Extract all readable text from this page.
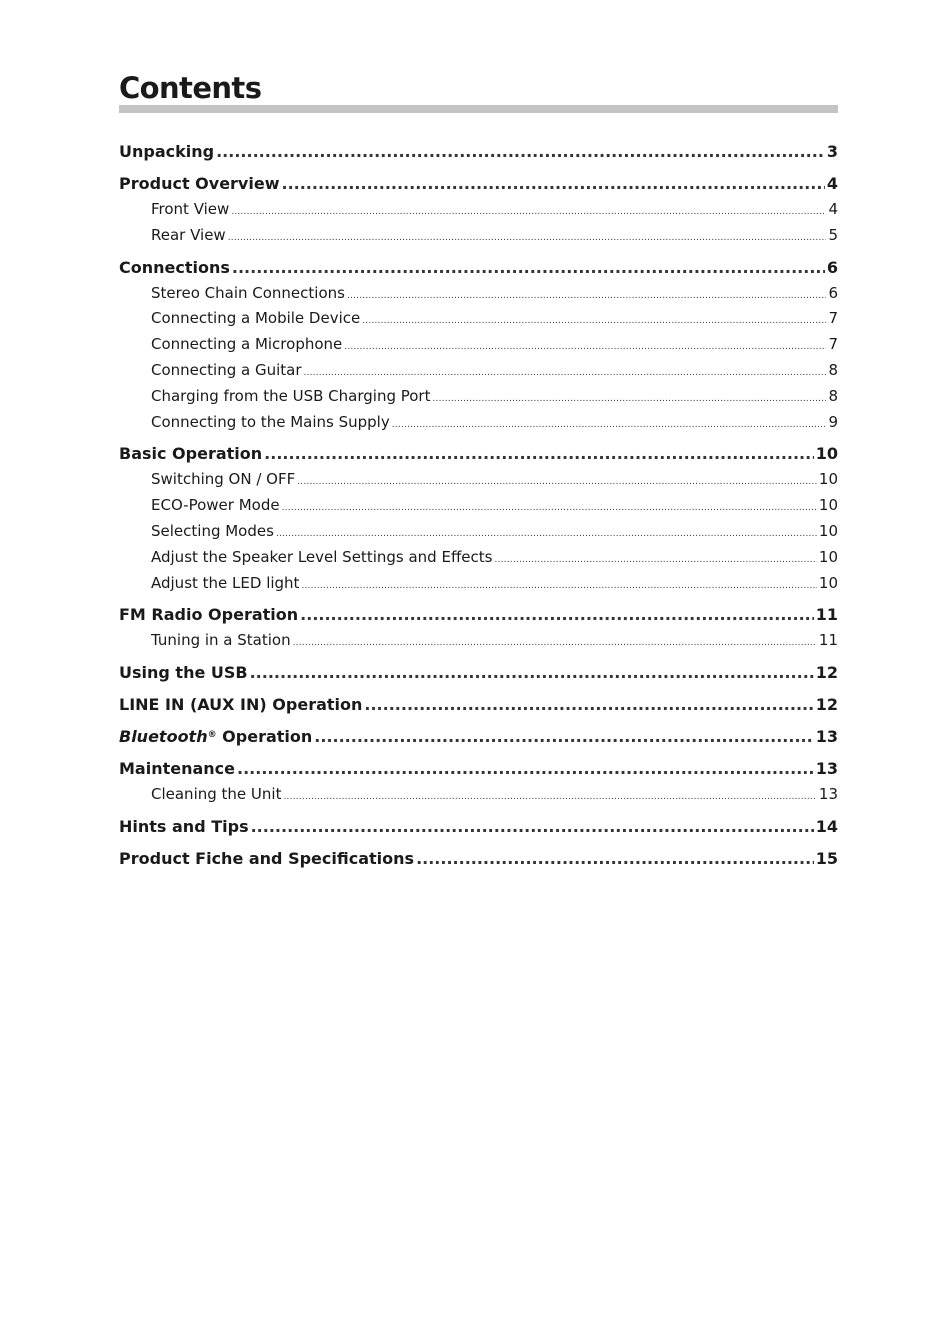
Contents
Unpacking .....	3
Product Overview .....	4
Front View .....	4
Rear View .....	5
Connections .....	6
Stereo Chain Connections .....	6
Connecting a Mobile Device .....	7
Connecting a Microphone .....	7
Connecting a Guitar .....	8
Charging from the USB Charging Port .....	8
Connecting to the Mains Supply .....	9
Basic Operation .....	10
Switching ON / OFF .....	10
ECO-Power Mode .....	10
Selecting Modes .....	10
Adjust the Speaker Level Settings and Effects .....	10
Adjust the LED light .....	10
FM Radio Operation .....	11
Tuning in a Station .....	11
Using the USB .....	12
LINE IN (AUX IN) Operation .....	12
Bluetooth® Operation .....	13
Maintenance .....	13
Cleaning the Unit .....	13
Hints and Tips .....	14
Product Fiche and Specifications .....	15
